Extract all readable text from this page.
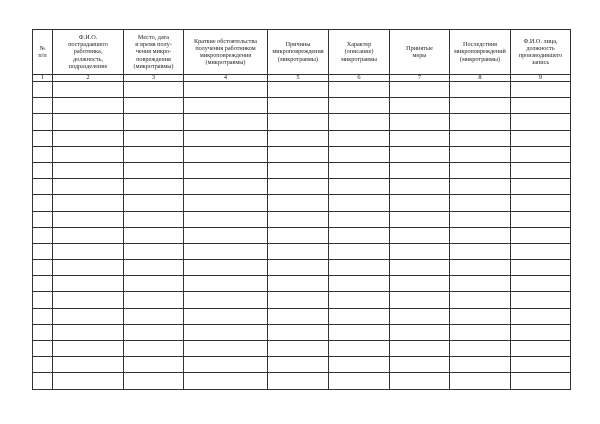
№
п/п	Ф.И.О.
пострадавшего
работника,
должность,
подразделение	Место, дата
и время полу-
чения микро-
повреждения
(микротравмы)	Краткие обстоятельства
получения работником
микроповреждения
(микротравмы)	Причины
микроповреждения
(микротравмы)	Характер
(описание)
микротравмы	Принятые
меры	Последствия
микроповреждений
(микротравмы)	Ф.И.О. лица,
должность
производившего
запись
1	2	3	4	5	6	7	8	9
